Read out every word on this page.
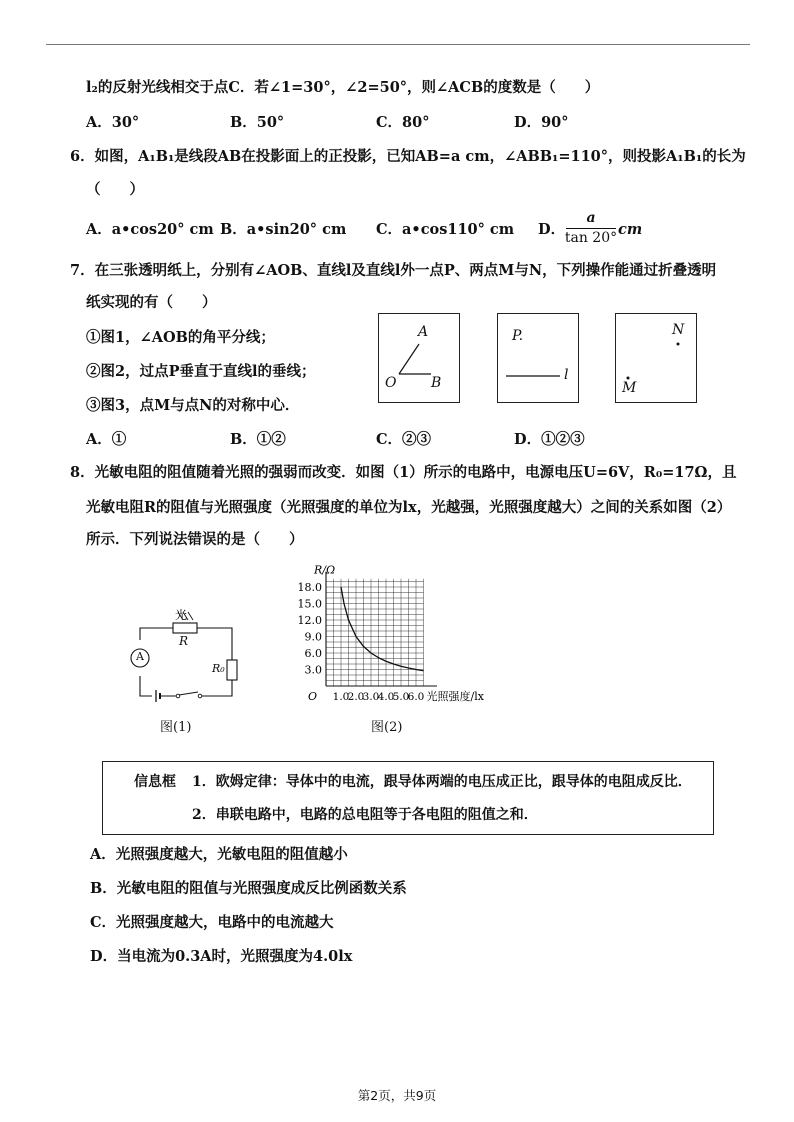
l₂的反射光线相交于点C．若∠1=30°，∠2=50°，则∠ACB的度数是（　　）
A．30°	B．50°	C．80°	D．90°
6．如图，A₁B₁是线段AB在投影面上的正投影，已知AB=a cm，∠ABB₁=110°，则投影A₁B₁的长为
（　　）
A．a•cos20° cm B．a•sin20° cm C．a•cos110° cm D．
a
tan 20° cm
7．在三张透明纸上，分别有∠AOB、直线l及直线l外一点P、两点M与N，下列操作能通过折叠透明
纸实现的有（　　）
①图1，∠AOB的角平分线；
②图2，过点P垂直于直线l的垂线；
③图3，点M与点N的对称中心．
A
O B
P.
l
N
M
A．①	B．①②	C．②③	D．①②③
8．光敏电阻的阻值随着光照的强弱而改变．如图（1）所示的电路中，电源电压U=6V，R₀=17Ω，且
光敏电阻R的阻值与光照强度（光照强度的单位为lx，光越强，光照强度越大）之间的关系如图（2）
所示．下列说法错误的是（　　）
光
R
R₀
A
图(1)
3.0
6.0
9.0
12.0
15.0
18.0
1.0
2.0
3.0
4.0
5.0
6.0
O
R/Ω
光照强度/lx
图(2)
信息框 1．欧姆定律：导体中的电流，跟导体两端的电压成正比，跟导体的电阻成反比．
2．串联电路中，电路的总电阻等于各电阻的阻值之和．
A．光照强度越大，光敏电阻的阻值越小
B．光敏电阻的阻值与光照强度成反比例函数关系
C．光照强度越大，电路中的电流越大
D．当电流为0.3A时，光照强度为4.0lx
第2页，共9页
